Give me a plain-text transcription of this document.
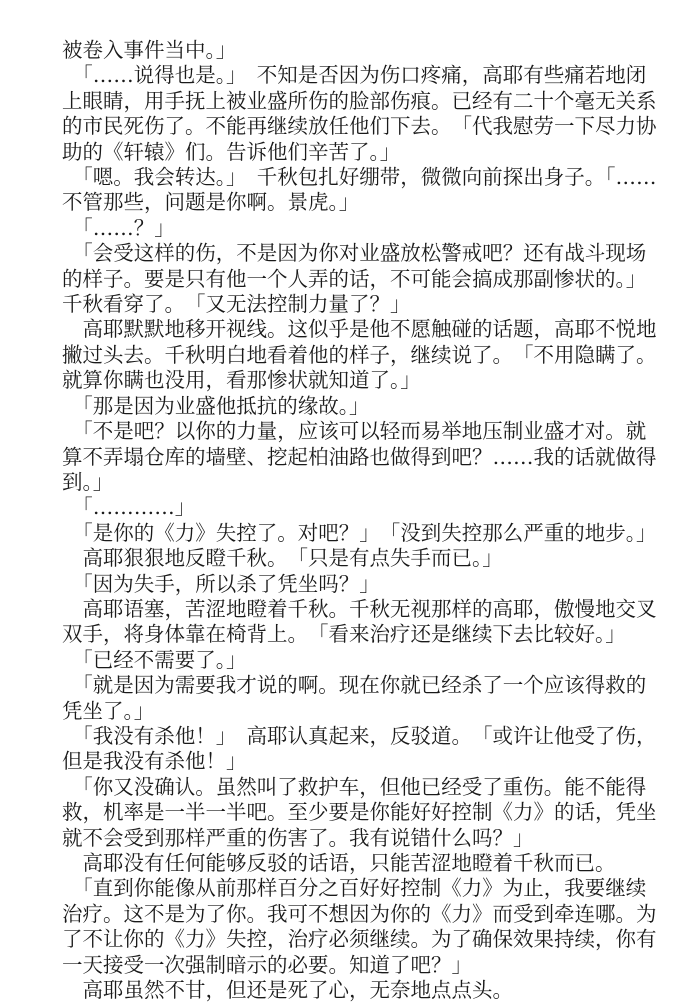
被卷入事件当中。」

　「……说得也是。」　不知是否因为伤口疼痛，高耶有些痛若地闭上眼睛，用手抚上被业盛所伤的脸部伤痕。已经有二十个毫无关系的市民死伤了。不能再继续放任他们下去。　「代我慰劳一下尽力协助的《轩辕》们。告诉他们辛苦了。」

　「嗯。我会转达。」　千秋包扎好绷带，微微向前探出身子。「……不管那些，问题是你啊。景虎。」

　「……？」

　「会受这样的伤，不是因为你对业盛放松警戒吧？还有战斗现场的样子。要是只有他一个人弄的话，不可能会搞成那副惨状的。」　千秋看穿了。　「又无法控制力量了？」

　高耶默默地移开视线。这似乎是他不愿触碰的话题，高耶不悦地撇过头去。千秋明白地看着他的样子，继续说了。　「不用隐瞒了。就算你瞒也没用，看那惨状就知道了。」

　「那是因为业盛他抵抗的缘故。」

　「不是吧？以你的力量，应该可以轻而易举地压制业盛才对。就算不弄塌仓库的墙壁、挖起柏油路也做得到吧？……我的话就做得到。」

　「…………」

　「是你的《力》失控了。对吧？」　「没到失控那么严重的地步。」

　高耶狠狠地反瞪千秋。　「只是有点失手而已。」

　「因为失手，所以杀了凭坐吗？」

　高耶语塞，苦涩地瞪着千秋。千秋无视那样的高耶，傲慢地交叉双手，将身体靠在椅背上。　「看来治疗还是继续下去比较好。」

　「已经不需要了。」

　「就是因为需要我才说的啊。现在你就已经杀了一个应该得救的凭坐了。」

　「我没有杀他！」　高耶认真起来，反驳道。　「或许让他受了伤，但是我没有杀他！」

　「你又没确认。虽然叫了救护车，但他已经受了重伤。能不能得救，机率是一半一半吧。至少要是你能好好控制《力》的话，凭坐就不会受到那样严重的伤害了。我有说错什么吗？」

　高耶没有任何能够反驳的话语，只能苦涩地瞪着千秋而已。

　「直到你能像从前那样百分之百好好控制《力》为止，我要继续治疗。这不是为了你。我可不想因为你的《力》而受到牵连哪。为了不让你的《力》失控，治疗必须继续。为了确保效果持续，你有一天接受一次强制暗示的必要。知道了吧？」

　高耶虽然不甘，但还是死了心，无奈地点点头。
